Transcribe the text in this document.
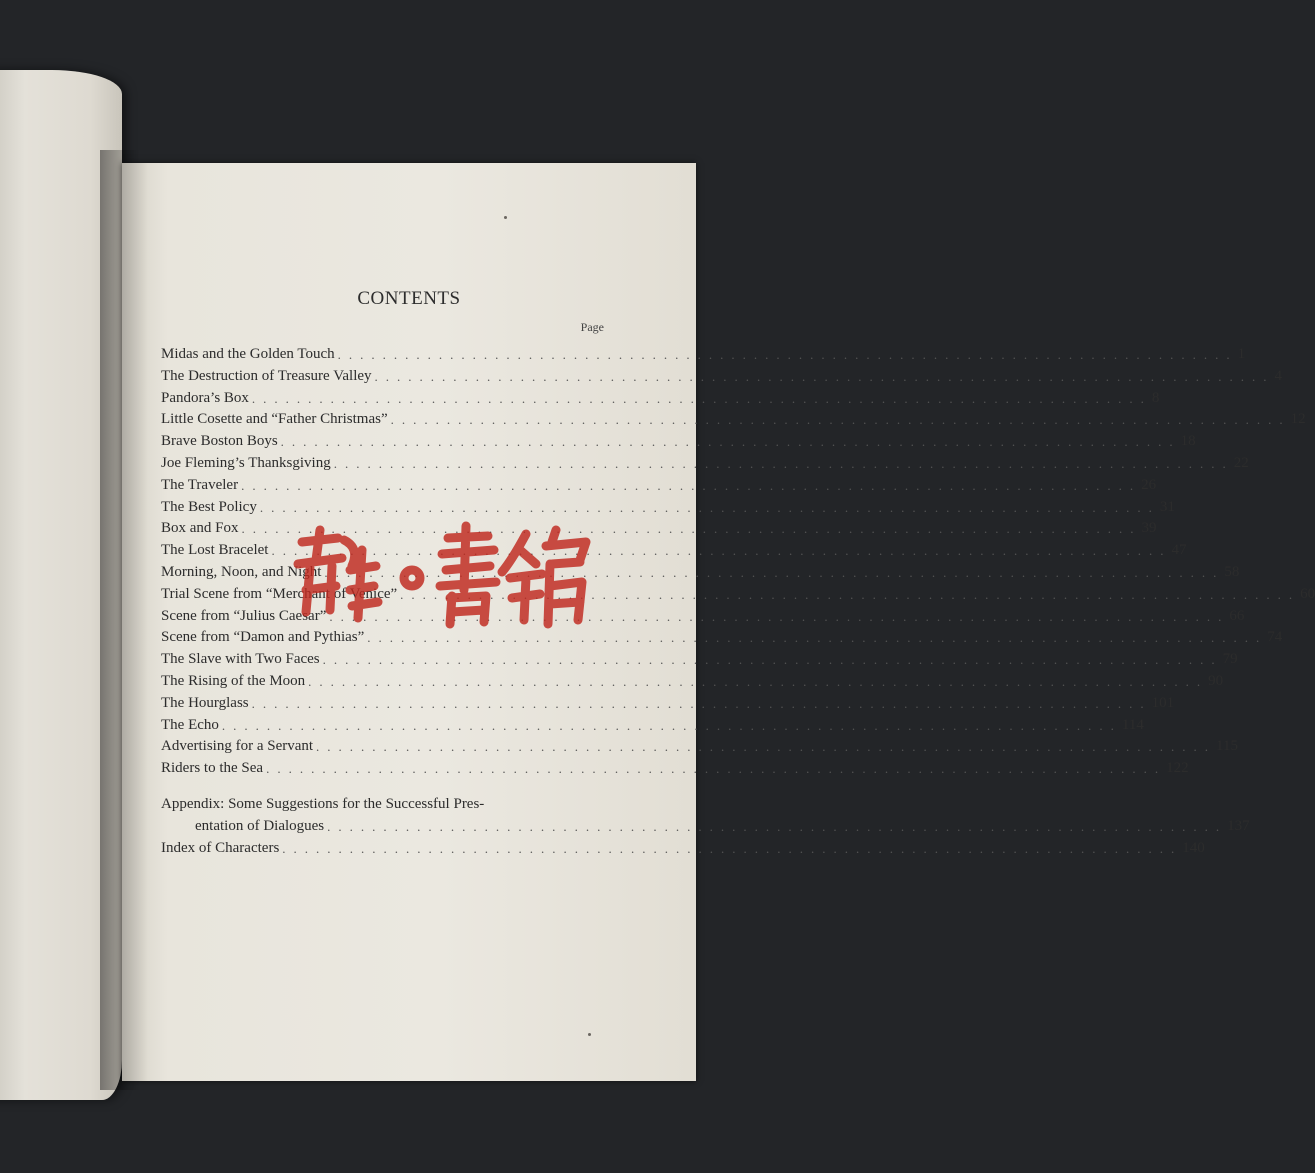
CONTENTS
Page
Midas and the Golden Touch ................................................................................ 1
The Destruction of Treasure Valley ................................................................................ 4
Pandora’s Box ................................................................................ 8
Little Cosette and “Father Christmas” ................................................................................ 12
Brave Boston Boys ................................................................................ 18
Joe Fleming’s Thanksgiving ................................................................................ 22
The Traveler ................................................................................ 26
The Best Policy ................................................................................ 31
Box and Fox ................................................................................ 39
The Lost Bracelet ................................................................................ 47
Morning, Noon, and Night ................................................................................ 58
Trial Scene from “Merchant of Venice” ................................................................................ 60
Scene from “Julius Caesar” ................................................................................ 66
Scene from “Damon and Pythias” ................................................................................ 74
The Slave with Two Faces ................................................................................ 79
The Rising of the Moon ................................................................................ 90
The Hourglass ................................................................................ 101
The Echo ................................................................................ 114
Advertising for a Servant ................................................................................ 115
Riders to the Sea ................................................................................ 122
Appendix: Some Suggestions for the Successful Pres-
entation of Dialogues ................................................................................ 137
Index of Characters ................................................................................ 140
